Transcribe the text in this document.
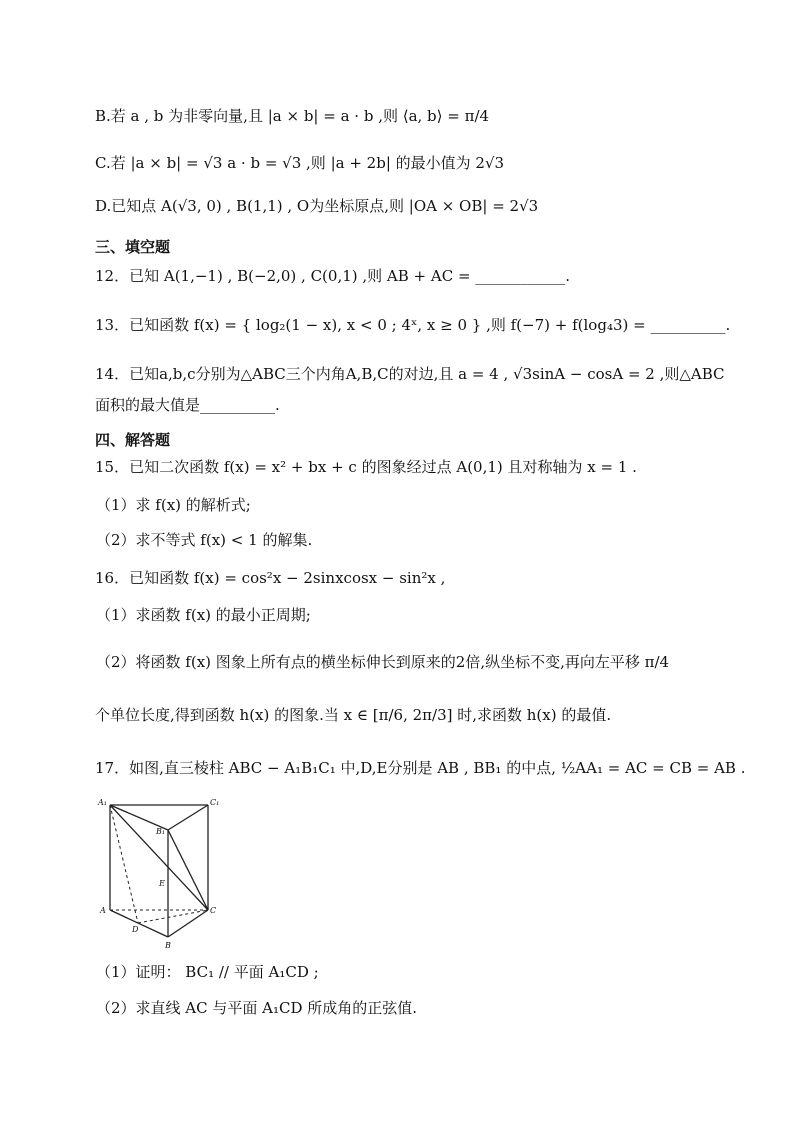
B.若 a , b 为非零向量,且 |a × b| = a · b ,则 ⟨a, b⟩ = π/4
C.若 |a × b| = √3 a · b = √3 ,则 |a + 2b| 的最小值为 2√3
D.已知点 A(√3, 0) , B(1,1) , O为坐标原点,则 |OA × OB| = 2√3
三、填空题
12．已知 A(1,−1) , B(−2,0) , C(0,1) ,则 AB + AC = ____________.
13．已知函数 f(x) = { log₂(1 − x), x < 0 ; 4ˣ, x ≥ 0 } ,则 f(−7) + f(log₄3) = __________.
14．已知a,b,c分别为△ABC三个内角A,B,C的对边,且 a = 4 , √3sinA − cosA = 2 ,则△ABC
面积的最大值是__________.
四、解答题
15．已知二次函数 f(x) = x² + bx + c 的图象经过点 A(0,1) 且对称轴为 x = 1 .
（1）求 f(x) 的解析式;
（2）求不等式 f(x) < 1 的解集.
16．已知函数 f(x) = cos²x − 2sinxcosx − sin²x ,
（1）求函数 f(x) 的最小正周期;
（2）将函数 f(x) 图象上所有点的横坐标伸长到原来的2倍,纵坐标不变,再向左平移 π/4
个单位长度,得到函数 h(x) 的图象.当 x ∈ [π/6, 2π/3] 时,求函数 h(x) 的最值.
17．如图,直三棱柱 ABC − A₁B₁C₁ 中,D,E分别是 AB , BB₁ 的中点, ½AA₁ = AC = CB = AB .
A₁	C₁
B₁
E
A	C
D
B
（1）证明： BC₁ // 平面 A₁CD ;
（2）求直线 AC 与平面 A₁CD 所成角的正弦值.
